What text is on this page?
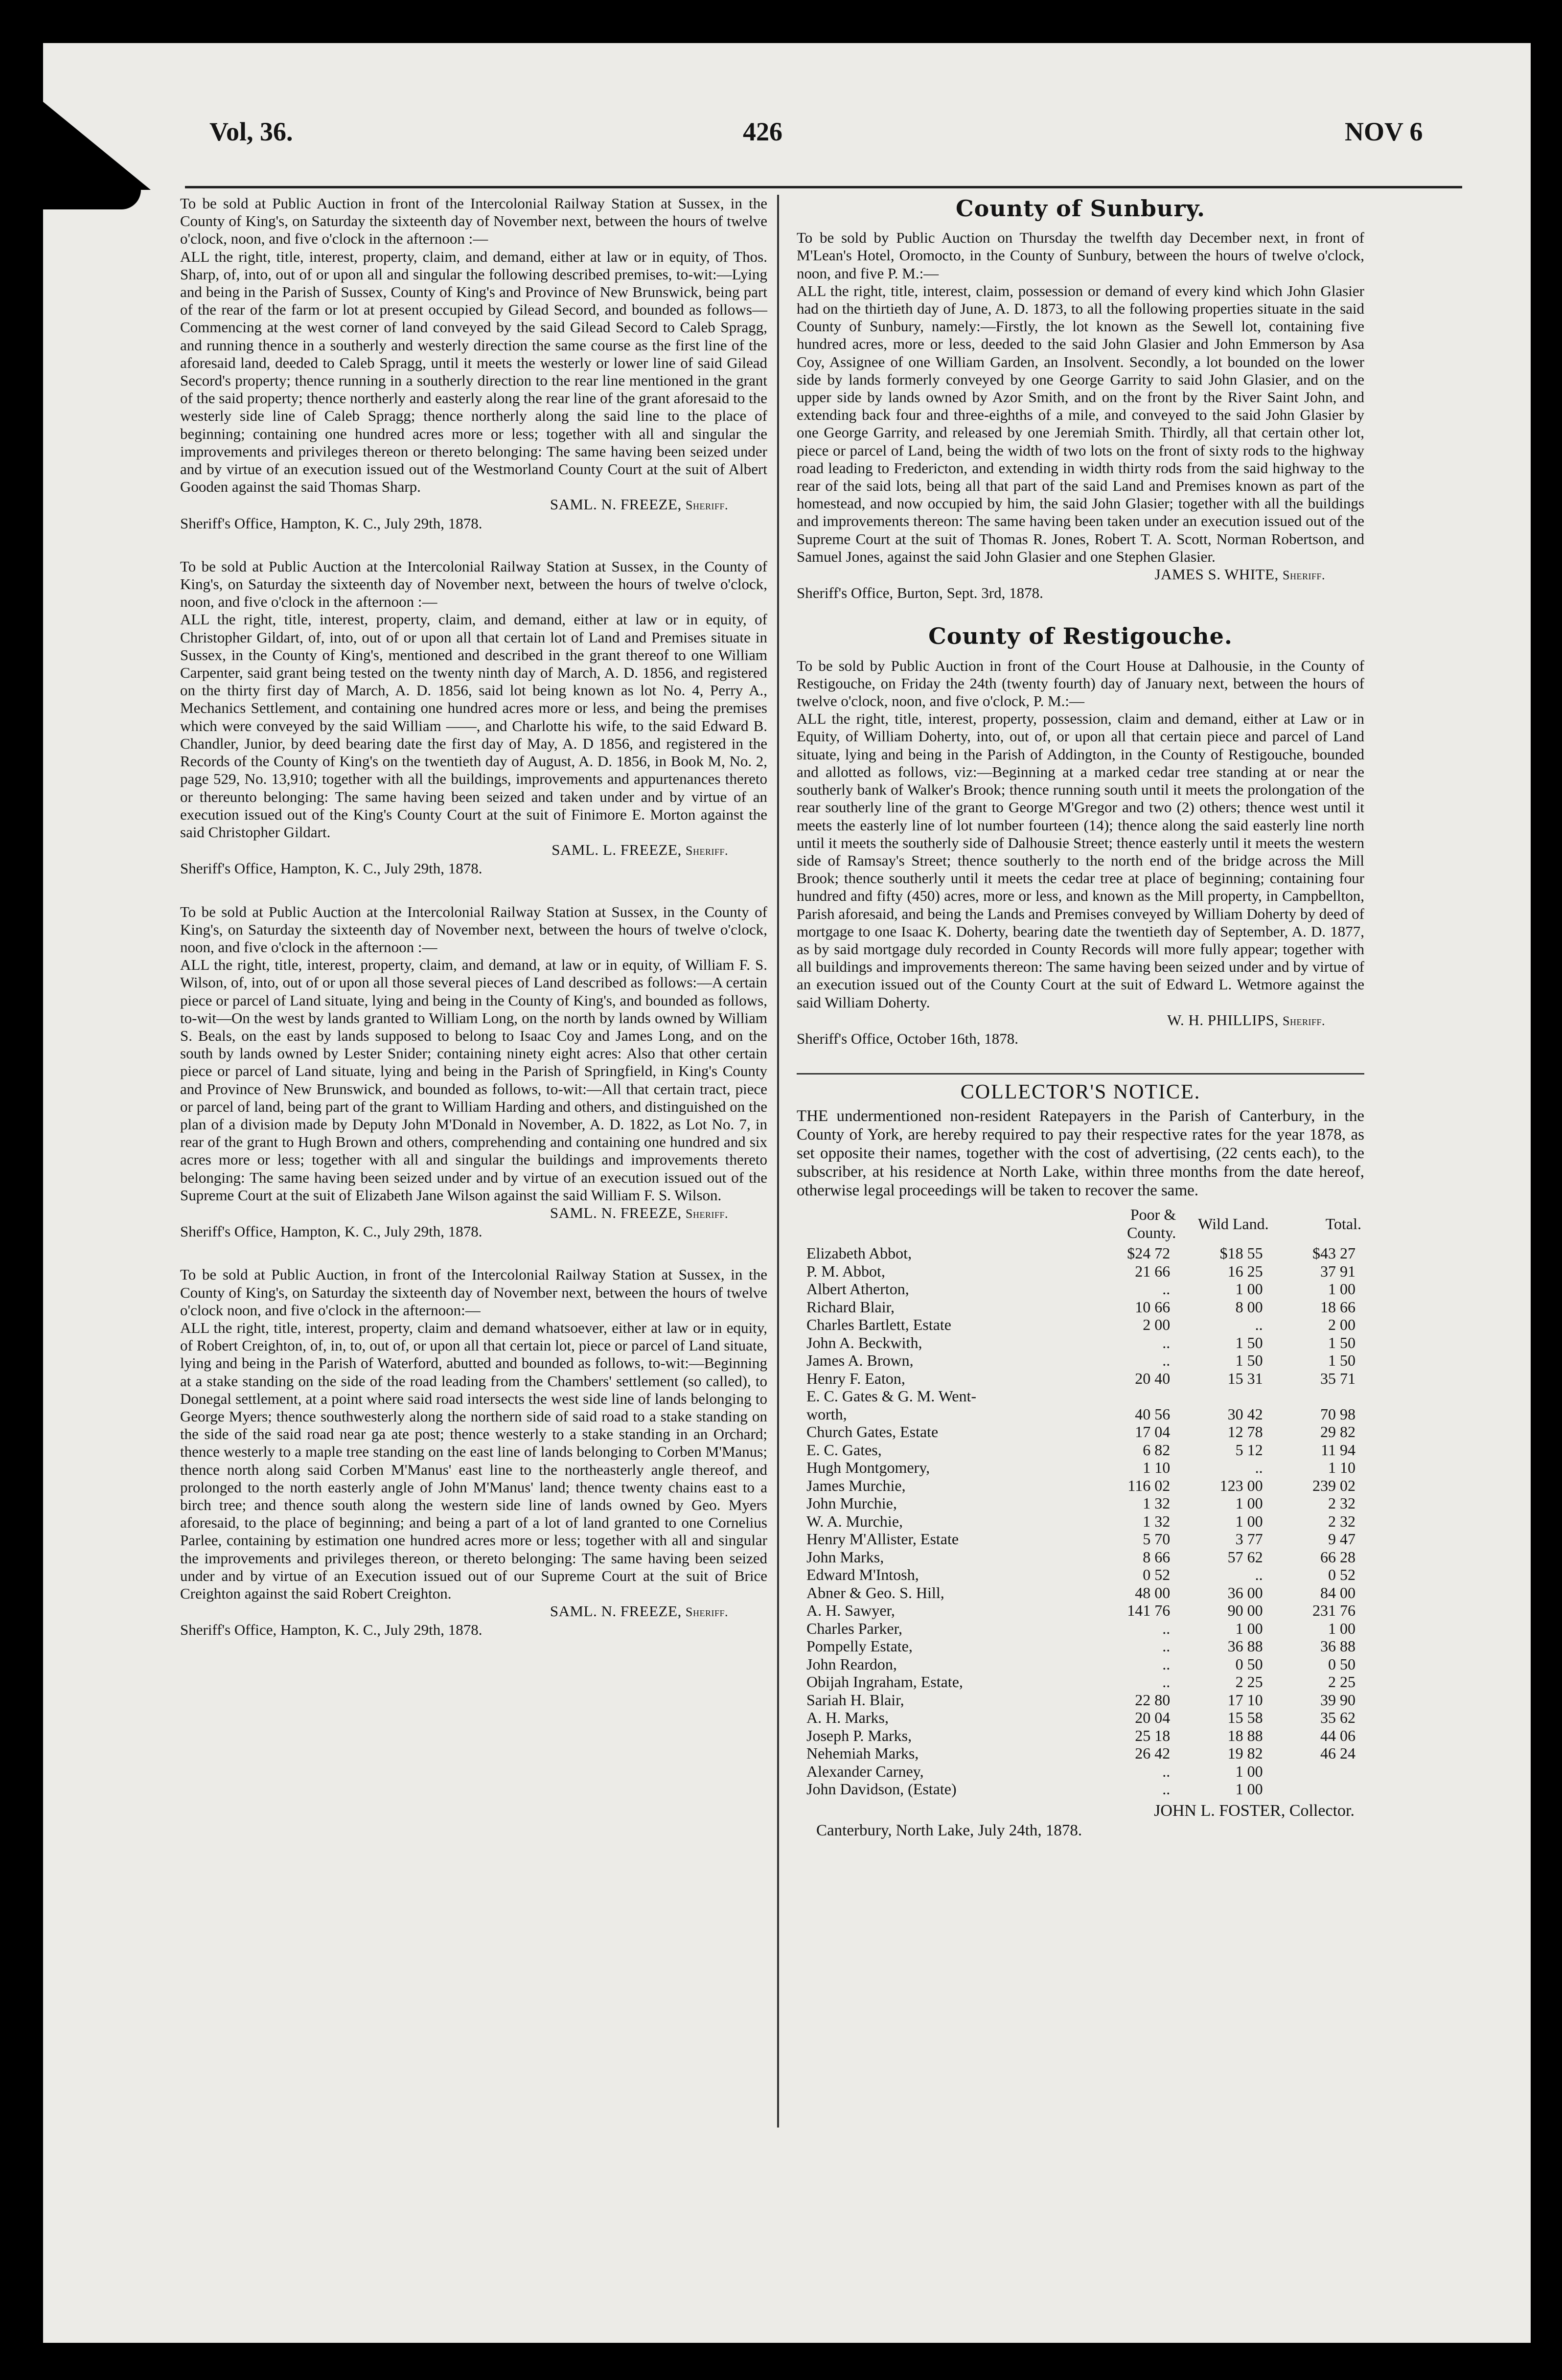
Vol, 36.	426	NOV 6

To be sold at Public Auction in front of the Intercolonial Railway Station at Sussex, in the County of King's, on Saturday the sixteenth day of November next, between the hours of twelve o'clock, noon, and five o'clock in the afternoon :—

ALL the right, title, interest, property, claim, and demand, either at law or in equity, of Thos. Sharp, of, into, out of or upon all and singular the following described premises, to-wit:—Lying and being in the Parish of Sussex, County of King's and Province of New Brunswick, being part of the rear of the farm or lot at present occupied by Gilead Secord, and bounded as follows—Commencing at the west corner of land conveyed by the said Gilead Secord to Caleb Spragg, and running thence in a southerly and westerly direction the same course as the first line of the aforesaid land, deeded to Caleb Spragg, until it meets the westerly or lower line of said Gilead Secord's property; thence running in a southerly direction to the rear line mentioned in the grant of the said property; thence northerly and easterly along the rear line of the grant aforesaid to the westerly side line of Caleb Spragg; thence northerly along the said line to the place of beginning; containing one hundred acres more or less; together with all and singular the improvements and privileges thereon or thereto belonging: The same having been seized under and by virtue of an execution issued out of the Westmorland County Court at the suit of Albert Gooden against the said Thomas Sharp.

SAML. N. FREEZE, Sheriff.

Sheriff's Office, Hampton, K. C., July 29th, 1878.

To be sold at Public Auction at the Intercolonial Railway Station at Sussex, in the County of King's, on Saturday the sixteenth day of November next, between the hours of twelve o'clock, noon, and five o'clock in the afternoon :—

ALL the right, title, interest, property, claim, and demand, either at law or in equity, of Christopher Gildart, of, into, out of or upon all that certain lot of Land and Premises situate in Sussex, in the County of King's, mentioned and described in the grant thereof to one William Carpenter, said grant being tested on the twenty ninth day of March, A. D. 1856, and registered on the thirty first day of March, A. D. 1856, said lot being known as lot No. 4, Perry A., Mechanics Settlement, and containing one hundred acres more or less, and being the premises which were conveyed by the said William ——, and Charlotte his wife, to the said Edward B. Chandler, Junior, by deed bearing date the first day of May, A. D 1856, and registered in the Records of the County of King's on the twentieth day of August, A. D. 1856, in Book M, No. 2, page 529, No. 13,910; together with all the buildings, improvements and appurtenances thereto or thereunto belonging: The same having been seized and taken under and by virtue of an execution issued out of the King's County Court at the suit of Finimore E. Morton against the said Christopher Gildart.

SAML. L. FREEZE, Sheriff.

Sheriff's Office, Hampton, K. C., July 29th, 1878.

To be sold at Public Auction at the Intercolonial Railway Station at Sussex, in the County of King's, on Saturday the sixteenth day of November next, between the hours of twelve o'clock, noon, and five o'clock in the afternoon :—

ALL the right, title, interest, property, claim, and demand, at law or in equity, of William F. S. Wilson, of, into, out of or upon all those several pieces of Land described as follows:—A certain piece or parcel of Land situate, lying and being in the County of King's, and bounded as follows, to-wit—On the west by lands granted to William Long, on the north by lands owned by William S. Beals, on the east by lands supposed to belong to Isaac Coy and James Long, and on the south by lands owned by Lester Snider; containing ninety eight acres: Also that other certain piece or parcel of Land situate, lying and being in the Parish of Springfield, in King's County and Province of New Brunswick, and bounded as follows, to-wit:—All that certain tract, piece or parcel of land, being part of the grant to William Harding and others, and distinguished on the plan of a division made by Deputy John M'Donald in November, A. D. 1822, as Lot No. 7, in rear of the grant to Hugh Brown and others, comprehending and containing one hundred and six acres more or less; together with all and singular the buildings and improvements thereto belonging: The same having been seized under and by virtue of an execution issued out of the Supreme Court at the suit of Elizabeth Jane Wilson against the said William F. S. Wilson.

SAML. N. FREEZE, Sheriff.

Sheriff's Office, Hampton, K. C., July 29th, 1878.

To be sold at Public Auction, in front of the Intercolonial Railway Station at Sussex, in the County of King's, on Saturday the sixteenth day of November next, between the hours of twelve o'clock noon, and five o'clock in the afternoon:—

ALL the right, title, interest, property, claim and demand whatsoever, either at law or in equity, of Robert Creighton, of, in, to, out of, or upon all that certain lot, piece or parcel of Land situate, lying and being in the Parish of Waterford, abutted and bounded as follows, to-wit:—Beginning at a stake standing on the side of the road leading from the Chambers' settlement (so called), to Donegal settlement, at a point where said road intersects the west side line of lands belonging to George Myers; thence southwesterly along the northern side of said road to a stake standing on the side of the said road near ga ate post; thence westerly to a stake standing in an Orchard; thence westerly to a maple tree standing on the east line of lands belonging to Corben M'Manus; thence north along said Corben M'Manus' east line to the northeasterly angle thereof, and prolonged to the north easterly angle of John M'Manus' land; thence twenty chains east to a birch tree; and thence south along the western side line of lands owned by Geo. Myers aforesaid, to the place of beginning; and being a part of a lot of land granted to one Cornelius Parlee, containing by estimation one hundred acres more or less; together with all and singular the improvements and privileges thereon, or thereto belonging: The same having been seized under and by virtue of an Execution issued out of our Supreme Court at the suit of Brice Creighton against the said Robert Creighton.

SAML. N. FREEZE, Sheriff.

Sheriff's Office, Hampton, K. C., July 29th, 1878.

County of Sunbury.

To be sold by Public Auction on Thursday the twelfth day December next, in front of M'Lean's Hotel, Oromocto, in the County of Sunbury, between the hours of twelve o'clock, noon, and five P. M.:—

ALL the right, title, interest, claim, possession or demand of every kind which John Glasier had on the thirtieth day of June, A. D. 1873, to all the following properties situate in the said County of Sunbury, namely:—Firstly, the lot known as the Sewell lot, containing five hundred acres, more or less, deeded to the said John Glasier and John Emmerson by Asa Coy, Assignee of one William Garden, an Insolvent. Secondly, a lot bounded on the lower side by lands formerly conveyed by one George Garrity to said John Glasier, and on the upper side by lands owned by Azor Smith, and on the front by the River Saint John, and extending back four and three-eighths of a mile, and conveyed to the said John Glasier by one George Garrity, and released by one Jeremiah Smith. Thirdly, all that certain other lot, piece or parcel of Land, being the width of two lots on the front of sixty rods to the highway road leading to Fredericton, and extending in width thirty rods from the said highway to the rear of the said lots, being all that part of the said Land and Premises known as part of the homestead, and now occupied by him, the said John Glasier; together with all the buildings and improvements thereon: The same having been taken under an execution issued out of the Supreme Court at the suit of Thomas R. Jones, Robert T. A. Scott, Norman Robertson, and Samuel Jones, against the said John Glasier and one Stephen Glasier.

JAMES S. WHITE, Sheriff.

Sheriff's Office, Burton, Sept. 3rd, 1878.

County of Restigouche.

To be sold by Public Auction in front of the Court House at Dalhousie, in the County of Restigouche, on Friday the 24th (twenty fourth) day of January next, between the hours of twelve o'clock, noon, and five o'clock, P. M.:—

ALL the right, title, interest, property, possession, claim and demand, either at Law or in Equity, of William Doherty, into, out of, or upon all that certain piece and parcel of Land situate, lying and being in the Parish of Addington, in the County of Restigouche, bounded and allotted as follows, viz:—Beginning at a marked cedar tree standing at or near the southerly bank of Walker's Brook; thence running south until it meets the prolongation of the rear southerly line of the grant to George M'Gregor and two (2) others; thence west until it meets the easterly line of lot number fourteen (14); thence along the said easterly line north until it meets the southerly side of Dalhousie Street; thence easterly until it meets the western side of Ramsay's Street; thence southerly to the north end of the bridge across the Mill Brook; thence southerly until it meets the cedar tree at place of beginning; containing four hundred and fifty (450) acres, more or less, and known as the Mill property, in Campbellton, Parish aforesaid, and being the Lands and Premises conveyed by William Doherty by deed of mortgage to one Isaac K. Doherty, bearing date the twentieth day of September, A. D. 1877, as by said mortgage duly recorded in County Records will more fully appear; together with all buildings and improvements thereon: The same having been seized under and by virtue of an execution issued out of the County Court at the suit of Edward L. Wetmore against the said William Doherty.

W. H. PHILLIPS, Sheriff.

Sheriff's Office, October 16th, 1878.

COLLECTOR'S NOTICE.

THE undermentioned non-resident Ratepayers in the Parish of Canterbury, in the County of York, are hereby required to pay their respective rates for the year 1878, as set opposite their names, together with the cost of advertising, (22 cents each), to the subscriber, at his residence at North Lake, within three months from the date hereof, otherwise legal proceedings will be taken to recover the same.

	Poor & County.	Wild Land.	Total.
Elizabeth Abbot,	$24 72	$18 55	$43 27
P. M. Abbot,	21 66	16 25	37 91
Albert Atherton,	..	1 00	1 00
Richard Blair,	10 66	8 00	18 66
Charles Bartlett, Estate	2 00	..	2 00
John A. Beckwith,	..	1 50	1 50
James A. Brown,	..	1 50	1 50
Henry F. Eaton,	20 40	15 31	35 71
E. C. Gates & G. M. Went-			
worth,	40 56	30 42	70 98
Church Gates, Estate	17 04	12 78	29 82
E. C. Gates,	6 82	5 12	11 94
Hugh Montgomery,	1 10	..	1 10
James Murchie,	116 02	123 00	239 02
John Murchie,	1 32	1 00	2 32
W. A. Murchie,	1 32	1 00	2 32
Henry M'Allister, Estate	5 70	3 77	9 47
John Marks,	8 66	57 62	66 28
Edward M'Intosh,	0 52	..	0 52
Abner & Geo. S. Hill,	48 00	36 00	84 00
A. H. Sawyer,	141 76	90 00	231 76
Charles Parker,	..	1 00	1 00
Pompelly Estate,	..	36 88	36 88
John Reardon,	..	0 50	0 50
Obijah Ingraham, Estate,	..	2 25	2 25
Sariah H. Blair,	22 80	17 10	39 90
A. H. Marks,	20 04	15 58	35 62
Joseph P. Marks,	25 18	18 88	44 06
Nehemiah Marks,	26 42	19 82	46 24
Alexander Carney,	..	1 00	
John Davidson, (Estate)	..	1 00	
JOHN L. FOSTER, Collector.
Canterbury, North Lake, July 24th, 1878.
